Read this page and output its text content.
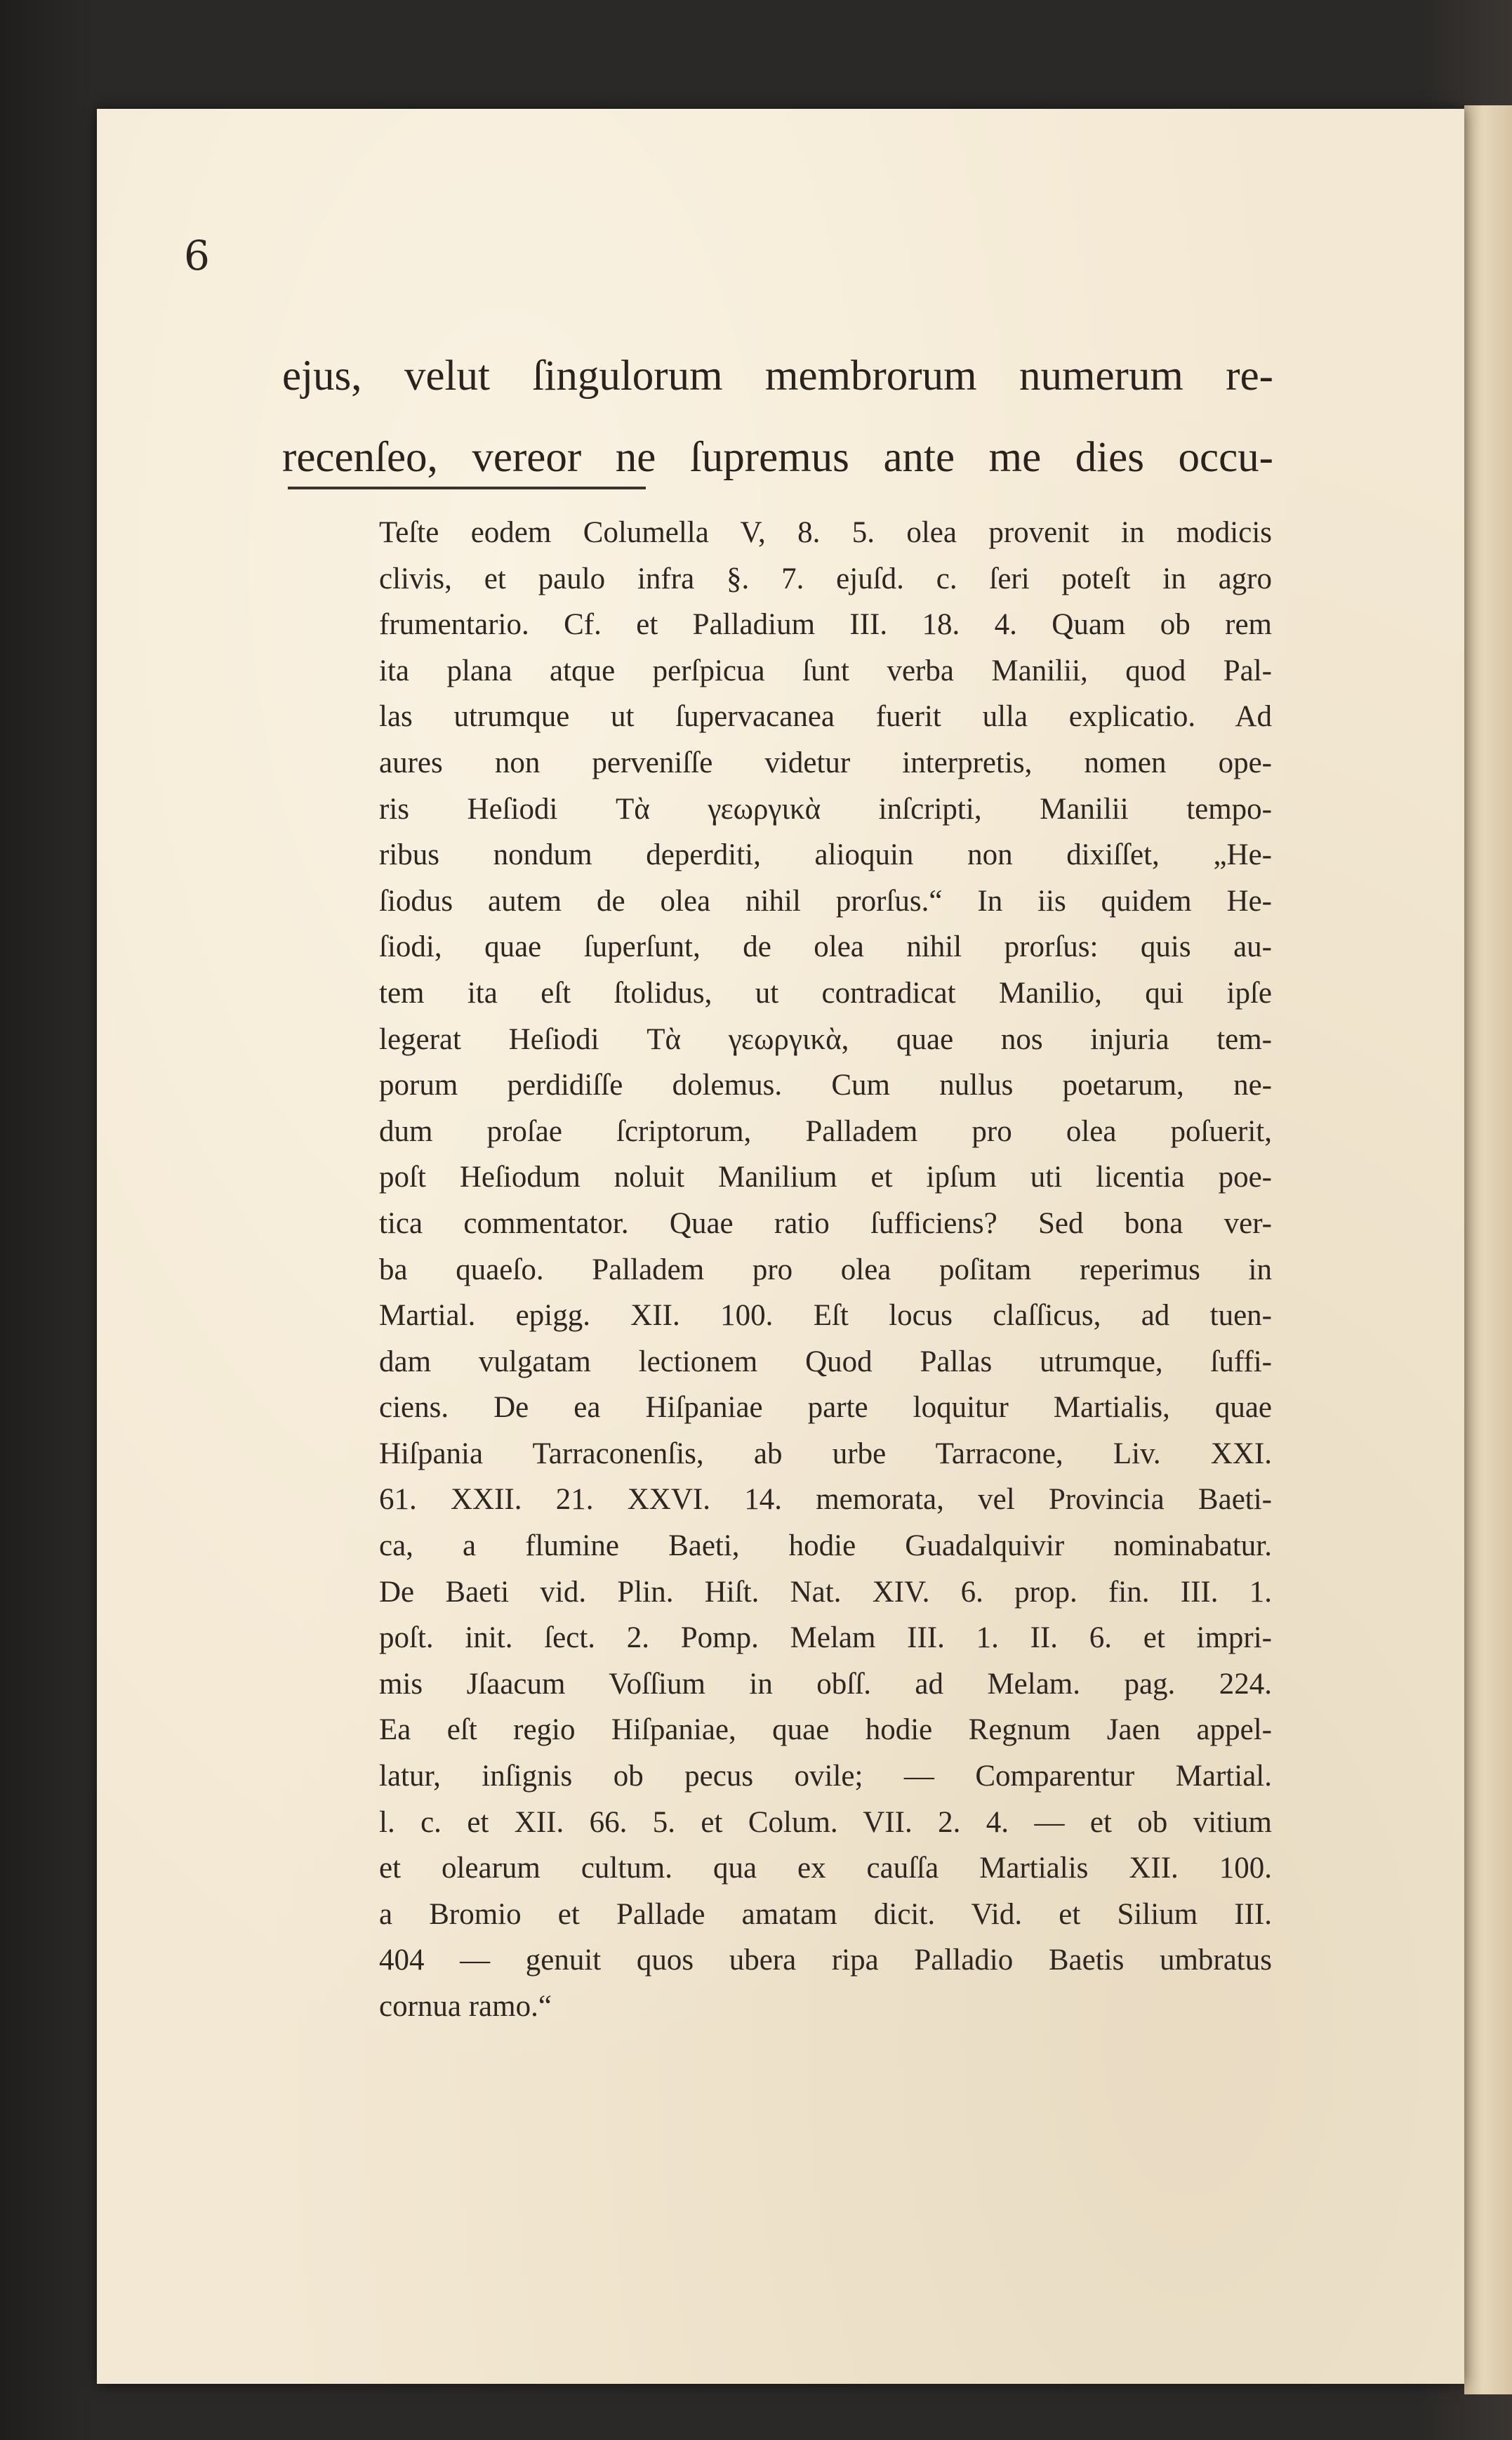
6
ejus, velut ſingulorum membrorum numerum re-
recenſeo, vereor ne ſupremus ante me dies occu-
Teſte eodem Columella V, 8. 5. olea provenit in modicis
clivis, et paulo infra §. 7. ejuſd. c. ſeri poteſt in agro
frumentario. Cf. et Palladium III. 18. 4. Quam ob rem
ita plana atque perſpicua ſunt verba Manilii, quod Pal-
las utrumque ut ſupervacanea fuerit ulla explicatio. Ad
aures non perveniſſe videtur interpretis, nomen ope-
ris Heſiodi Τὰ γεωργικὰ inſcripti, Manilii tempo-
ribus nondum deperditi, alioquin non dixiſſet, „He-
ſiodus autem de olea nihil prorſus.“ In iis quidem He-
ſiodi, quae ſuperſunt, de olea nihil prorſus: quis au-
tem ita eſt ſtolidus, ut contradicat Manilio, qui ipſe
legerat Heſiodi Τὰ γεωργικὰ, quae nos injuria tem-
porum perdidiſſe dolemus. Cum nullus poetarum, ne-
dum proſae ſcriptorum, Palladem pro olea poſuerit,
poſt Heſiodum noluit Manilium et ipſum uti licentia poe-
tica commentator. Quae ratio ſufficiens? Sed bona ver-
ba quaeſo. Palladem pro olea poſitam reperimus in
Martial. epigg. XII. 100. Eſt locus claſſicus, ad tuen-
dam vulgatam lectionem Quod Pallas utrumque, ſuffi-
ciens. De ea Hiſpaniae parte loquitur Martialis, quae
Hiſpania Tarraconenſis, ab urbe Tarracone, Liv. XXI.
61. XXII. 21. XXVI. 14. memorata, vel Provincia Baeti-
ca, a flumine Baeti, hodie Guadalquivir nominabatur.
De Baeti vid. Plin. Hiſt. Nat. XIV. 6. prop. fin. III. 1.
poſt. init. ſect. 2. Pomp. Melam III. 1. II. 6. et impri-
mis Jſaacum Voſſium in obſſ. ad Melam. pag. 224.
Ea eſt regio Hiſpaniae, quae hodie Regnum Jaen appel-
latur, inſignis ob pecus ovile; — Comparentur Martial.
l. c. et XII. 66. 5. et Colum. VII. 2. 4. — et ob vitium
et olearum cultum. qua ex cauſſa Martialis XII. 100.
a Bromio et Pallade amatam dicit. Vid. et Silium III.
404 — genuit quos ubera ripa Palladio Baetis umbratus
cornua ramo.“
